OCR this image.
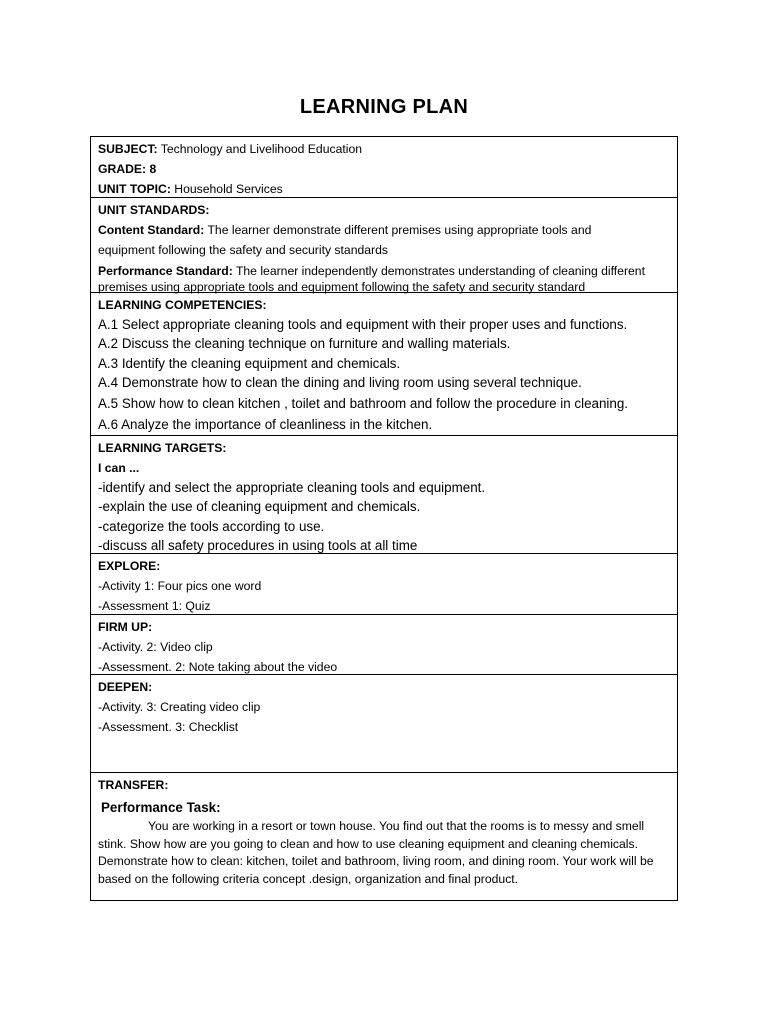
LEARNING PLAN
SUBJECT: Technology and Livelihood Education
GRADE: 8
UNIT TOPIC: Household Services
UNIT STANDARDS:
Content Standard: The learner demonstrate different premises using appropriate tools and
equipment following the safety and security standards
Performance Standard: The learner independently demonstrates understanding of cleaning different
premises using appropriate tools and equipment following the safety and security standard
LEARNING COMPETENCIES:
A.1 Select appropriate cleaning tools and equipment with their proper uses and functions.
A.2 Discuss the cleaning technique on furniture and walling materials.
A.3 Identify the cleaning equipment and chemicals.
A.4 Demonstrate how to clean the dining and living room using several technique.
A.5 Show how to clean kitchen , toilet and bathroom and follow the procedure in cleaning.
A.6 Analyze the importance of cleanliness in the kitchen.
LEARNING TARGETS:
I can ...
-identify and select the appropriate cleaning tools and equipment.
-explain the use of cleaning equipment and chemicals.
-categorize the tools according to use.
-discuss all safety procedures in using tools at all time
EXPLORE:
-Activity 1: Four pics one word
-Assessment 1: Quiz
FIRM UP:
-Activity. 2: Video clip
-Assessment. 2: Note taking about the video
DEEPEN:
-Activity. 3: Creating video clip
-Assessment. 3: Checklist
TRANSFER:
Performance Task:
You are working in a resort or town house. You find out that the rooms is to messy and smell stink. Show how are you going to clean and how to use cleaning equipment and cleaning chemicals. Demonstrate how to clean: kitchen, toilet and bathroom, living room, and dining room. Your work will be based on the following criteria concept .design, organization and final product.
